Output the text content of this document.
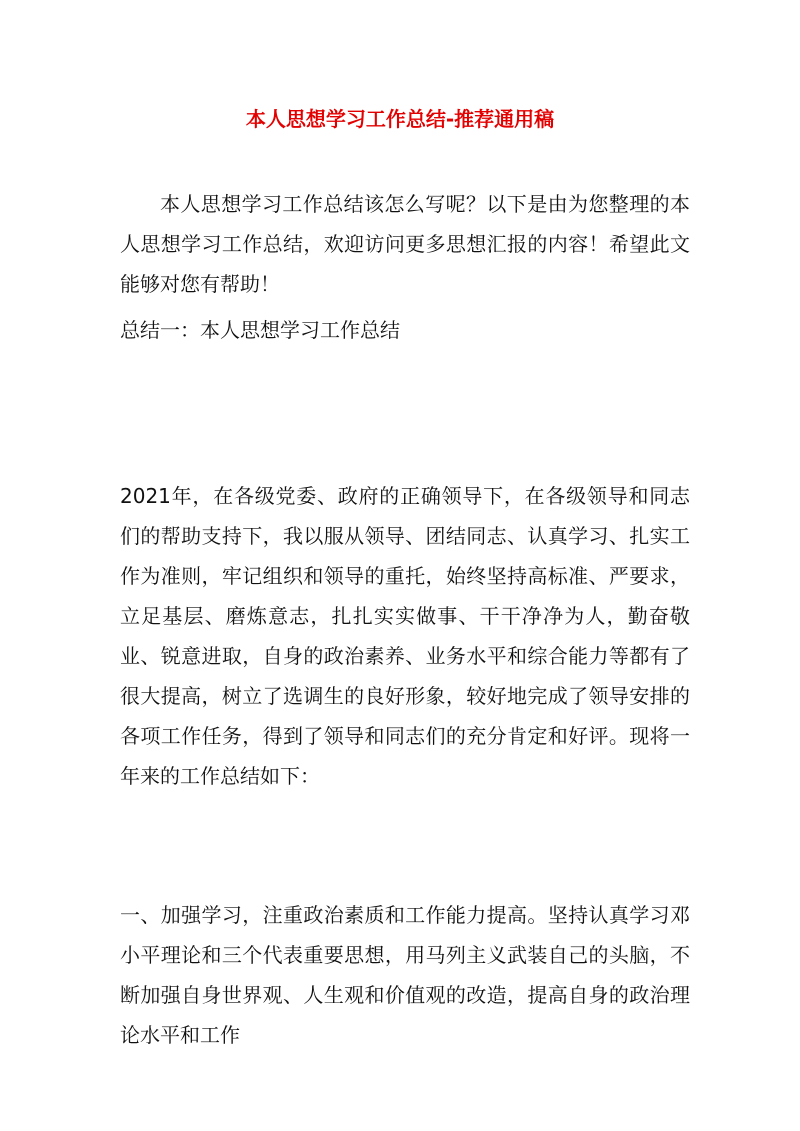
本人思想学习工作总结-推荐通用稿

本人思想学习工作总结该怎么写呢？以下是由为您整理的本人思想学习工作总结，欢迎访问更多思想汇报的内容！希望此文能够对您有帮助！

总结一：本人思想学习工作总结

2021年，在各级党委、政府的正确领导下，在各级领导和同志们的帮助支持下，我以服从领导、团结同志、认真学习、扎实工作为准则，牢记组织和领导的重托，始终坚持高标准、严要求，立足基层、磨炼意志，扎扎实实做事、干干净净为人，勤奋敬业、锐意进取，自身的政治素养、业务水平和综合能力等都有了很大提高，树立了选调生的良好形象，较好地完成了领导安排的各项工作任务，得到了领导和同志们的充分肯定和好评。现将一年来的工作总结如下：

一、加强学习，注重政治素质和工作能力提高。坚持认真学习邓小平理论和三个代表重要思想，用马列主义武装自己的头脑，不断加强自身世界观、人生观和价值观的改造，提高自身的政治理论水平和工作
